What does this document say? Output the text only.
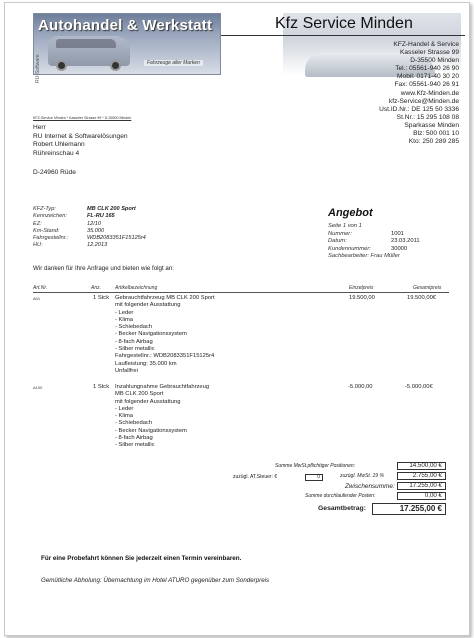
Autohandel & Werkstatt
Fahrzeuge aller Marken
RU-Software
Kfz Service Minden
KFZ-Handel & Service
Kasseler Strasse 99
D-35500 Minden
Tel.: 05561-940 26 90
Mobil: 0171-40 30 20
Fax: 05561-940 26 91
www.Kfz-Minden.de
kfz-Service@Minden.de
Ust.ID.Nr.: DE 125 50 3336
St.Nr.: 15 295 108 08
Sparkasse Minden
Blz: 500 001 10
Kto: 250 289 285
KFZ-Service Minden * Kasseler Strasse 99 * D-35500 Minden
Herr
RU Internet & Softwarelösungen
Robert Uhlemann
Rühreinschau 4
D-24960 Rüde
KFZ-Typ:	MB CLK 200 Sport
Kennzeichen:	FL-RU 165
EZ:	12/10
Km-Stand:	35.000
Fahrgestellnr.:	WDB2083351F15125r4
HU:	12.2013
Angebot
Seite 1 von 1
Nummer:	1001
Datum:	23.03.2011
Kundennummer:	30000
Sachbearbeiter: Frau Müller
Wir danken für Ihre Anfrage und bieten wie folgt an:
Art.Nr.	Anz.	Artikelbezeichnung	Einzelpreis	Gesamtpreis
A01	1 Stck Gebrauchtfahrzeug MB CLK 200 Sport
mit folgender Ausstattung
- Leder
- Klima
- Schiebedach
- Becker Navigationssystem
- 8-fach Airbag
- Silber metallic
Fahrgestellnr.: WDB2083351F15125r4
Laufleistung: 35.000 km
Unfallfrei
19.500,00	19.500,00€
A100	1 Stck Inzahlungnahme Gebrauchtfahrzeug
MB CLK 200 Sport
mit folgender Ausstattung
- Leder
- Klima
- Schiebedach
- Becker Navigationssystem
- 8-fach Airbag
- Silber metallic
-5.000,00	-5.000,00€
Summe MwSt.pflichtiger Positionen:	14.500,00 €
zuzügl. AT.Steuer: €	0	zuzügl. MwSt. 19 %	2.755,00 €
Zwischensumme:	17.255,00 €
Summe durchlaufender Posten:	0,00 €
Gesamtbetrag:	17.255,00 €
Für eine Probefahrt können Sie jederzeit einen Termin vereinbaren.
Gemütliche Abholung: Übernachtung im Hotel ATURO gegenüber zum Sonderpreis
